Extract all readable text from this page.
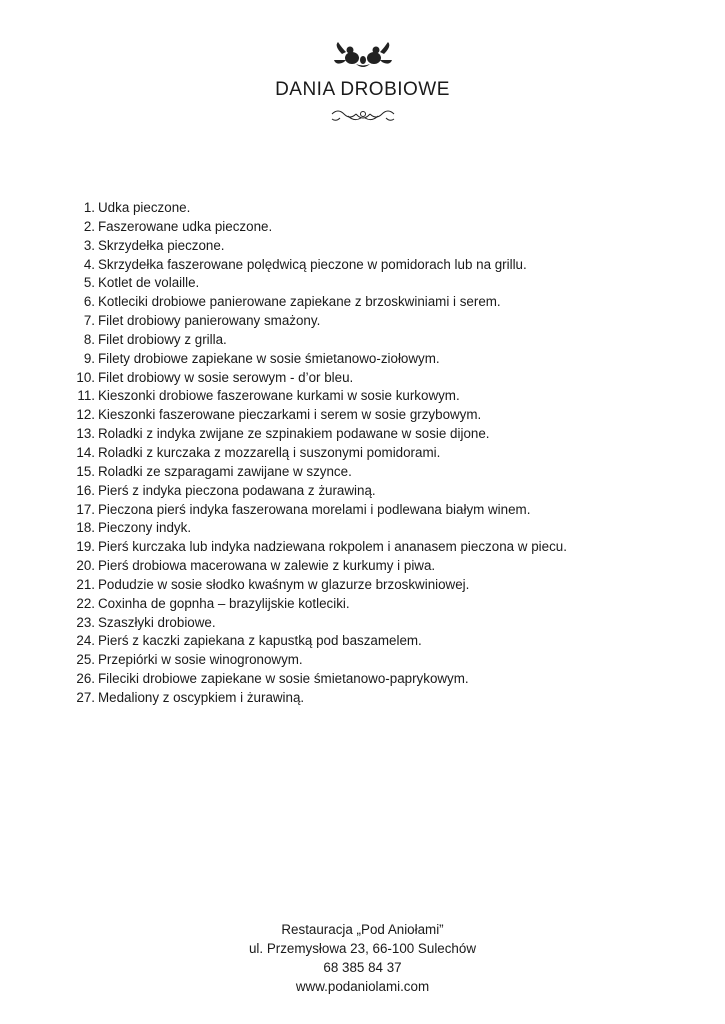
DANIA DROBIOWE
1. Udka pieczone.
2. Faszerowane udka pieczone.
3. Skrzydełka pieczone.
4. Skrzydełka faszerowane polędwicą pieczone w pomidorach lub na grillu.
5. Kotlet de volaille.
6. Kotleciki drobiowe panierowane zapiekane z brzoskwiniami i serem.
7. Filet drobiowy panierowany smażony.
8. Filet drobiowy z grilla.
9. Filety drobiowe zapiekane w sosie śmietanowo-ziołowym.
10. Filet drobiowy w sosie serowym - d’or bleu.
11. Kieszonki drobiowe faszerowane kurkami w sosie kurkowym.
12. Kieszonki faszerowane pieczarkami i serem w sosie grzybowym.
13. Roladki z indyka zwijane ze szpinakiem podawane w sosie dijone.
14. Roladki z kurczaka z mozzarellą i suszonymi pomidorami.
15. Roladki ze szparagami zawijane w szynce.
16. Pierś z indyka pieczona podawana z żurawiną.
17. Pieczona pierś indyka faszerowana morelami i podlewana białym winem.
18. Pieczony indyk.
19. Pierś kurczaka lub indyka nadziewana rokpolem i ananasem pieczona w piecu.
20. Pierś drobiowa macerowana w zalewie z kurkumy i piwa.
21. Podudzie w sosie słodko kwaśnym w glazurze brzoskwiniowej.
22. Coxinha de gopnha – brazylijskie kotleciki.
23. Szaszłyki drobiowe.
24. Pierś z kaczki zapiekana z kapustką pod baszamelem.
25. Przepiórki w sosie winogronowym.
26. Fileciki drobiowe zapiekane w sosie śmietanowo-paprykowym.
27. Medaliony z oscypkiem i żurawiną.
Restauracja „Pod Aniołami”
ul. Przemysłowa 23, 66-100 Sulechów
68 385 84 37
www.podaniolami.com
